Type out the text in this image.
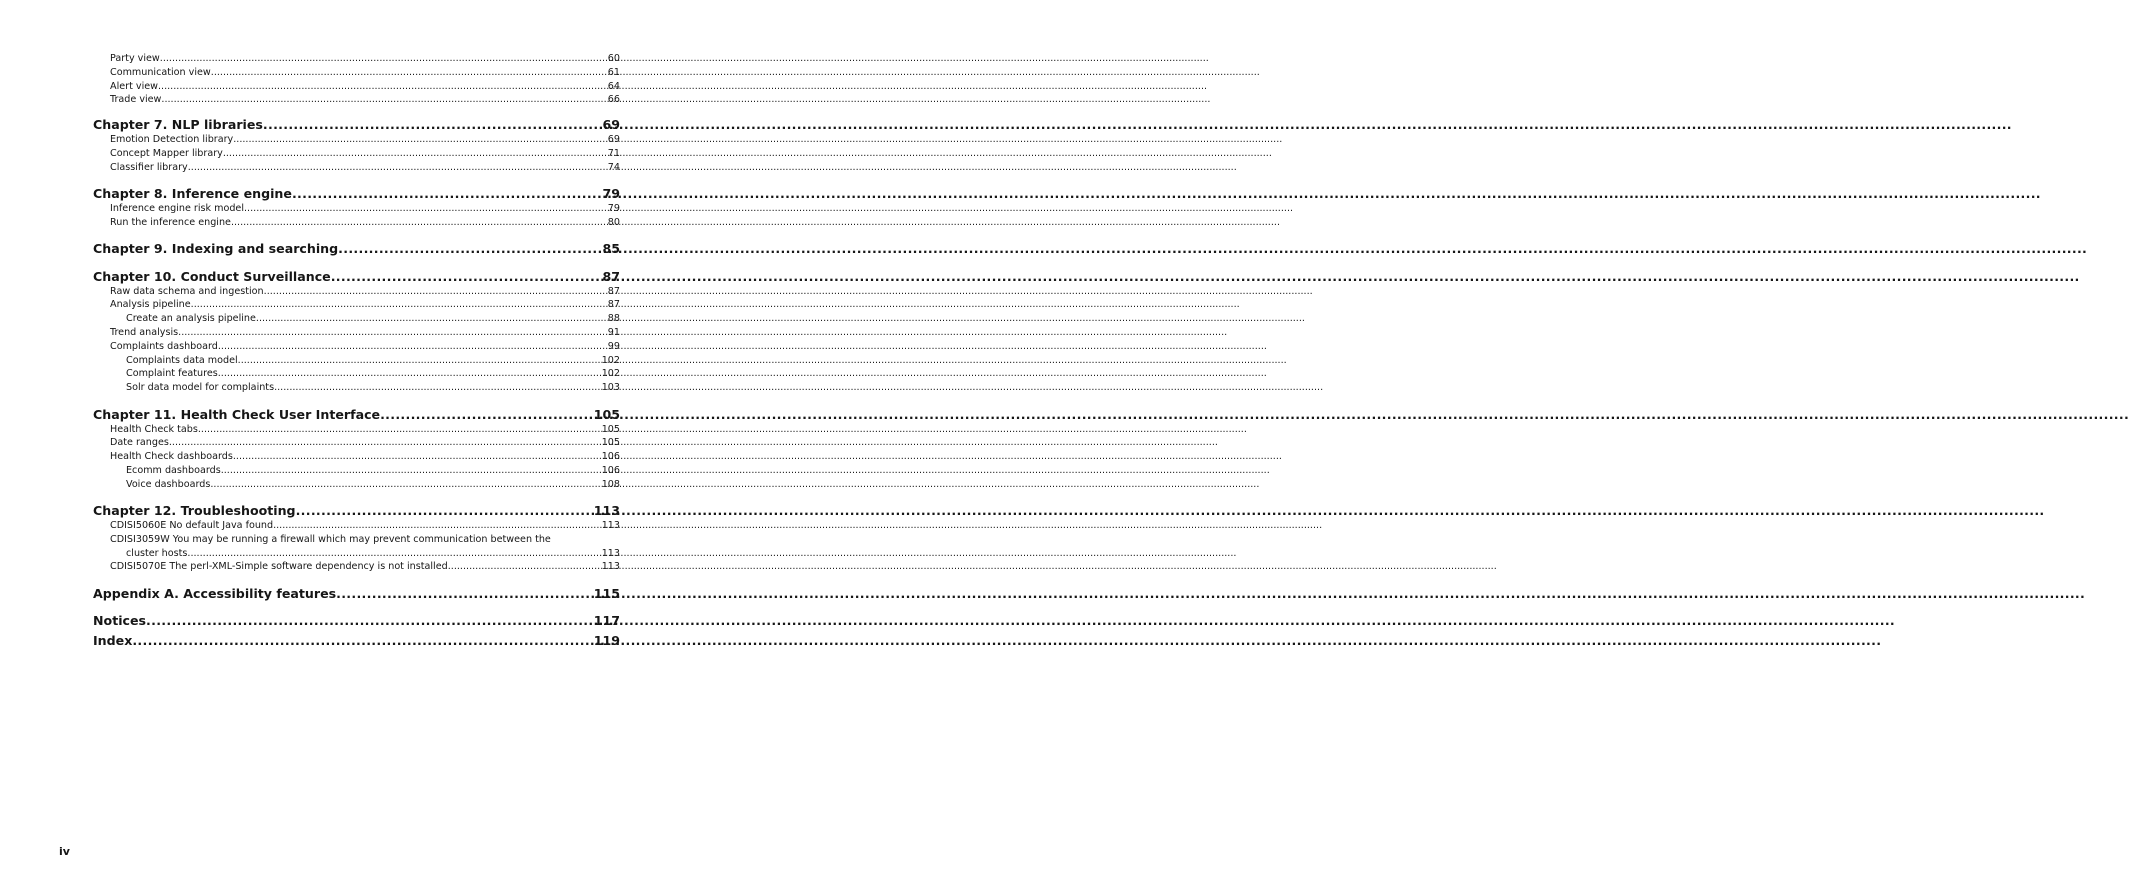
Party view .....	60
Communication view .....	61
Alert view .....	64
Trade view .....	66
Chapter 7. NLP libraries .....	69
Emotion Detection library .....	69
Concept Mapper library .....	71
Classifier library .....	74
Chapter 8. Inference engine .....	79
Inference engine risk model .....	79
Run the inference engine .....	80
Chapter 9. Indexing and searching .....	85
Chapter 10. Conduct Surveillance .....	87
Raw data schema and ingestion .....	87
Analysis pipeline .....	87
Create an analysis pipeline .....	88
Trend analysis .....	91
Complaints dashboard .....	99
Complaints data model .....	102
Complaint features .....	102
Solr data model for complaints .....	103
Chapter 11. Health Check User Interface .....	105
Health Check tabs .....	105
Date ranges .....	105
Health Check dashboards .....	106
Ecomm dashboards .....	106
Voice dashboards .....	108
Chapter 12. Troubleshooting .....	113
CDISI5060E No default Java found .....	113
CDISI3059W You may be running a firewall which may prevent communication between the
cluster hosts .....	113
CDISI5070E The perl-XML-Simple software dependency is not installed .....	113
Appendix A. Accessibility features .....	115
Notices .....	117
Index .....	119
iv
